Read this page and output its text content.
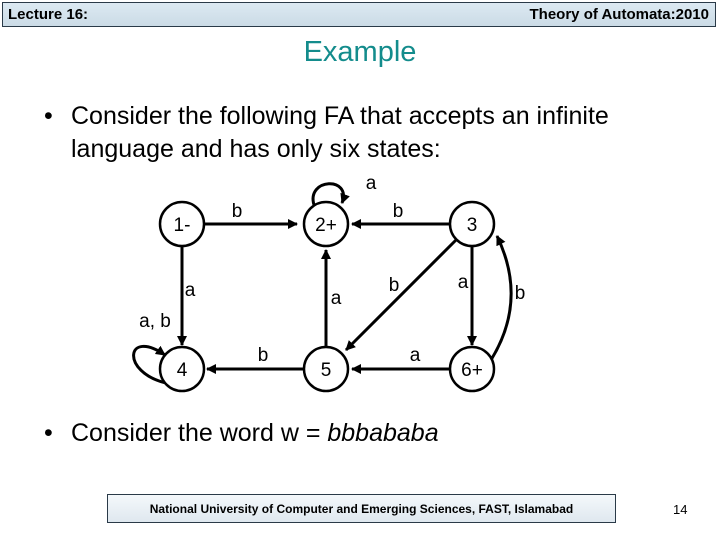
Lecture 16:	Theory of Automata:2010
Example
• Consider the following FA that accepts an infinite language and has only six states:
1-	2+	3
4	5	6+
b
a
b
a
a, b
a
b	a
b
b	a
• Consider the word w = bbbababa
National University of Computer and Emerging Sciences, FAST, Islamabad	14
